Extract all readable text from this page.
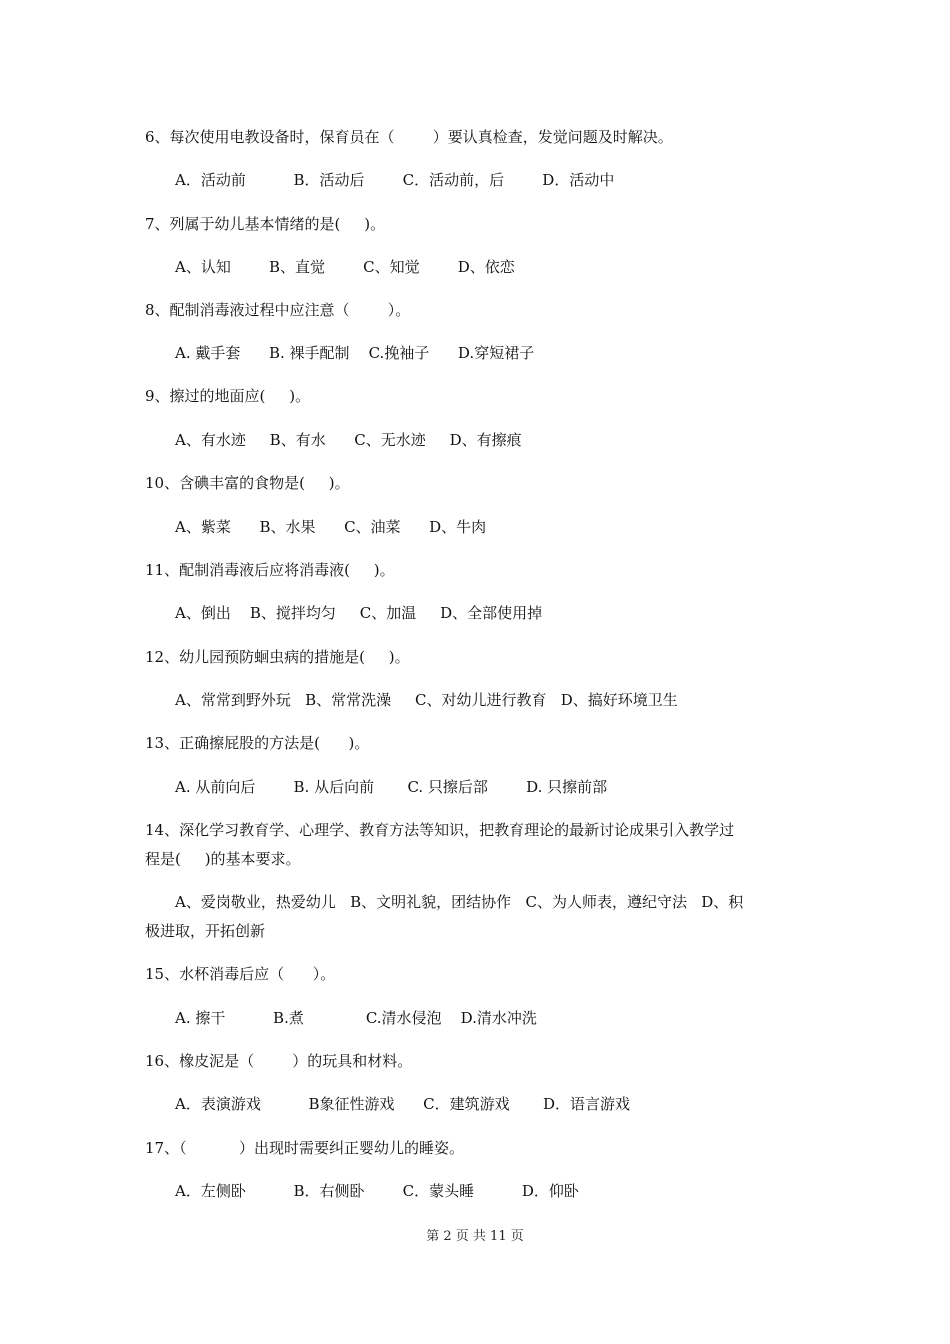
6、每次使用电教设备时，保育员在（        ）要认真检查，发觉问题及时解决。

A．活动前          B．活动后        C．活动前，后        D．活动中

7、列属于幼儿基本情绪的是(     )。

A、认知        B、直觉        C、知觉        D、依恋

8、配制消毒液过程中应注意（        ）。

A. 戴手套      B. 裸手配制    C.挽袖子      D.穿短裙子

9、擦过的地面应(     )。

A、有水迹     B、有水      C、无水迹     D、有擦痕

10、含碘丰富的食物是(     )。

A、紫菜      B、水果      C、油菜      D、牛肉

11、配制消毒液后应将消毒液(     )。

A、倒出    B、搅拌均匀     C、加温     D、全部使用掉

12、幼儿园预防蛔虫病的措施是(     )。

A、常常到野外玩   B、常常洗澡     C、对幼儿进行教育   D、搞好环境卫生

13、正确擦屁股的方法是(      )。

A. 从前向后        B. 从后向前       C. 只擦后部        D. 只擦前部

14、深化学习教育学、心理学、教育方法等知识，把教育理论的最新讨论成果引入教学过

程是(     )的基本要求。

A、爱岗敬业，热爱幼儿   B、文明礼貌，团结协作   C、为人师表，遵纪守法   D、积

极进取，开拓创新

15、水杯消毒后应（      ）。

A. 擦干          B.煮             C.清水侵泡    D.清水冲洗

16、橡皮泥是（        ）的玩具和材料。

A．表演游戏          B象征性游戏      C．建筑游戏       D．语言游戏

17、（           ）出现时需要纠正婴幼儿的睡姿。

A．左侧卧          B．右侧卧        C．蒙头睡          D．仰卧

第 2 页 共 11 页
